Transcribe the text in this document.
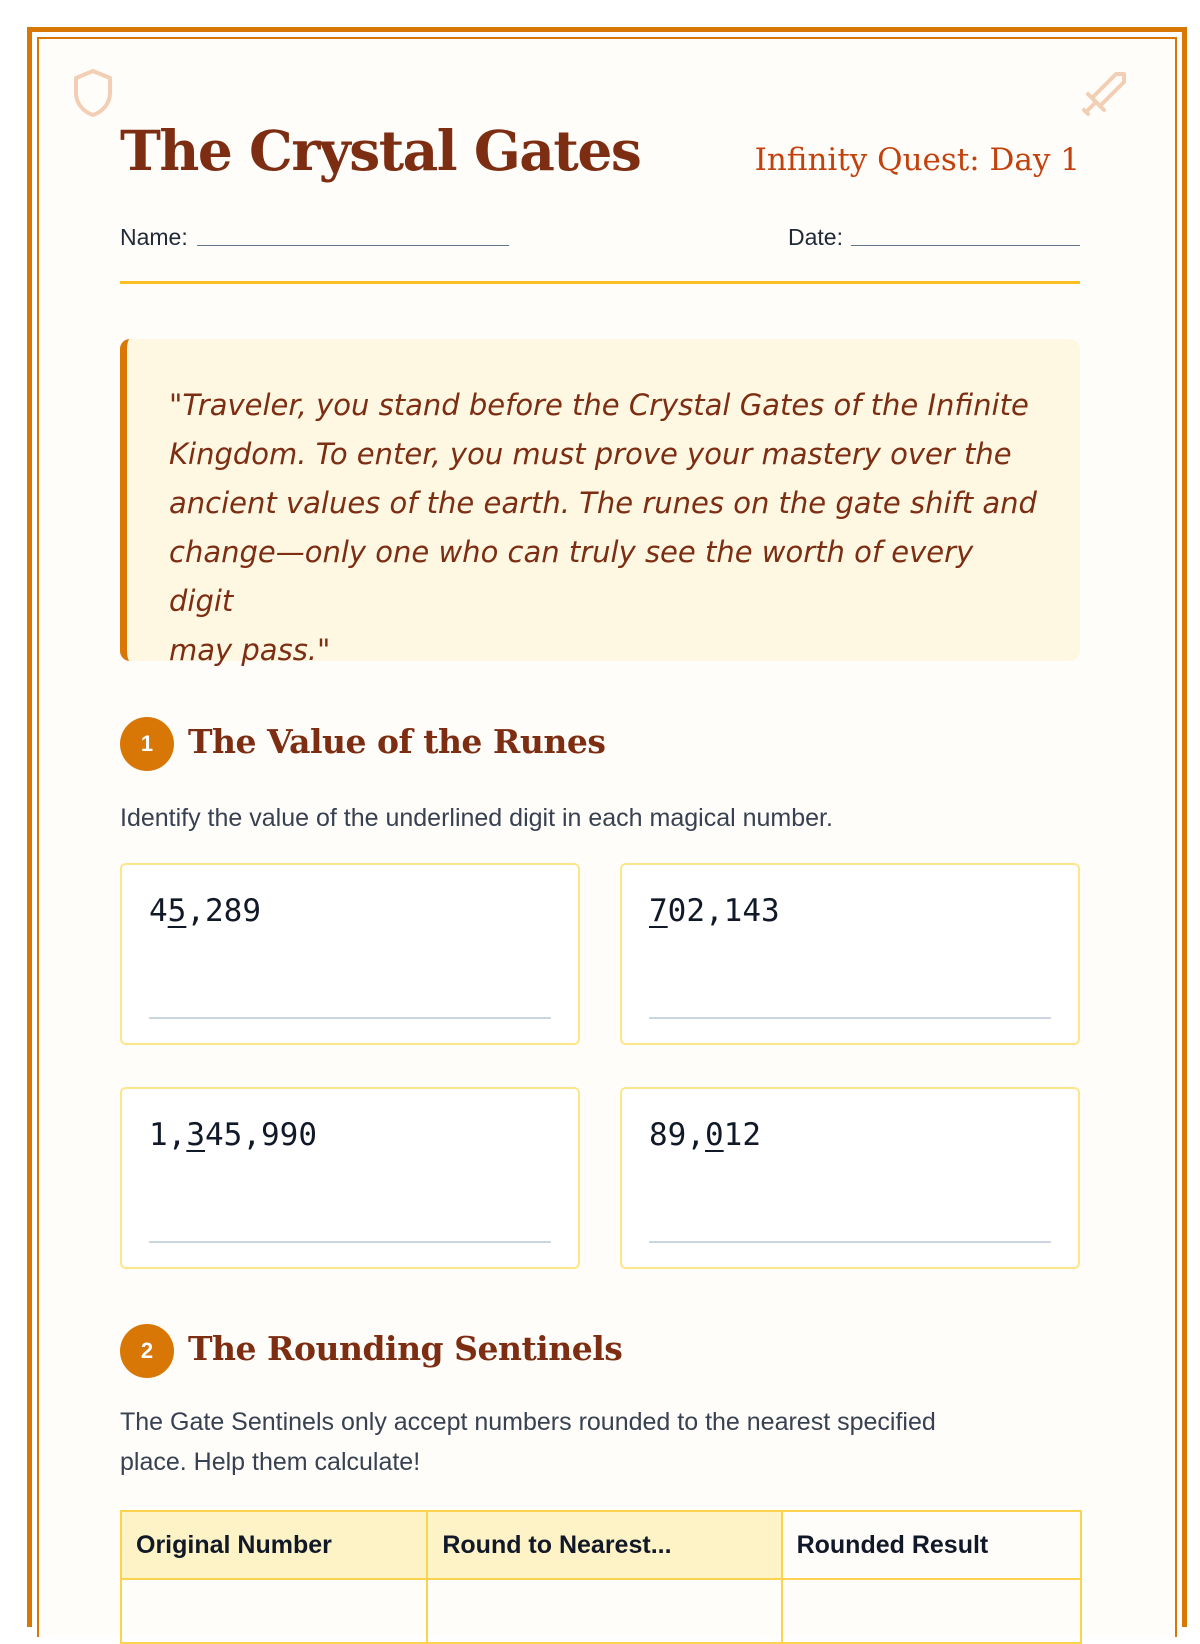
The Crystal Gates	Infinity Quest: Day 1
Name:	Date:

"Traveler, you stand before the Crystal Gates of the Infinite
Kingdom. To enter, you must prove your mastery over the
ancient values of the earth. The runes on the gate shift and
change—only one who can truly see the worth of every digit
may pass."

1	The Value of the Runes

Identify the value of the underlined digit in each magical number.

45,289	702,143
1,345,990	89,012
2	The Rounding Sentinels

The Gate Sentinels only accept numbers rounded to the nearest specified
place. Help them calculate!

Original Number	Round to Nearest...	Rounded Result
